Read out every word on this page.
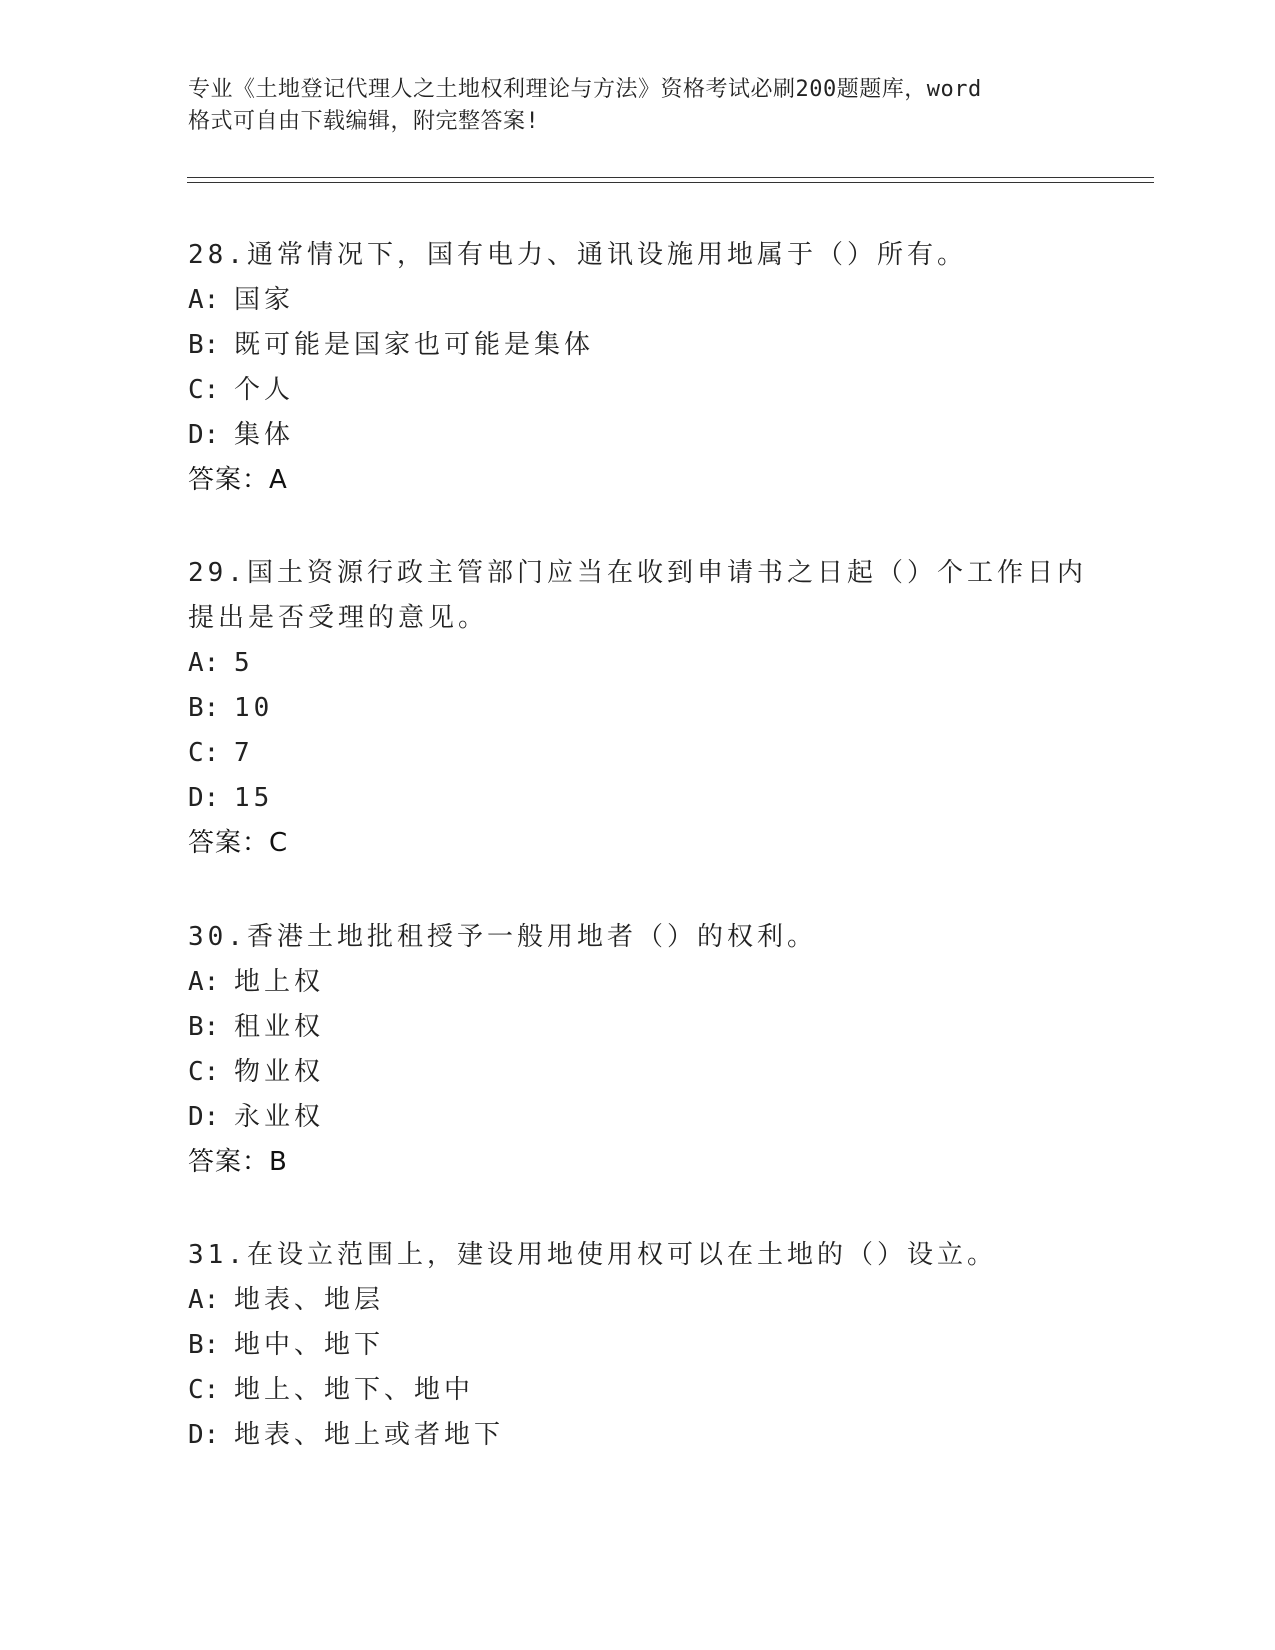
专业《土地登记代理人之土地权利理论与方法》资格考试必刷200题题库，word
格式可自由下载编辑，附完整答案!

28.通常情况下，国有电力、通讯设施用地属于（）所有。

A: 国家
B: 既可能是国家也可能是集体
C: 个人
D: 集体
答案：A

29.国土资源行政主管部门应当在收到申请书之日起（）个工作日内提出是否受理的意见。

A: 5
B: 10
C: 7
D: 15
答案：C

30.香港土地批租授予一般用地者（）的权利。

A: 地上权
B: 租业权
C: 物业权
D: 永业权
答案：B

31.在设立范围上，建设用地使用权可以在土地的（）设立。

A: 地表、地层
B: 地中、地下
C: 地上、地下、地中
D: 地表、地上或者地下
